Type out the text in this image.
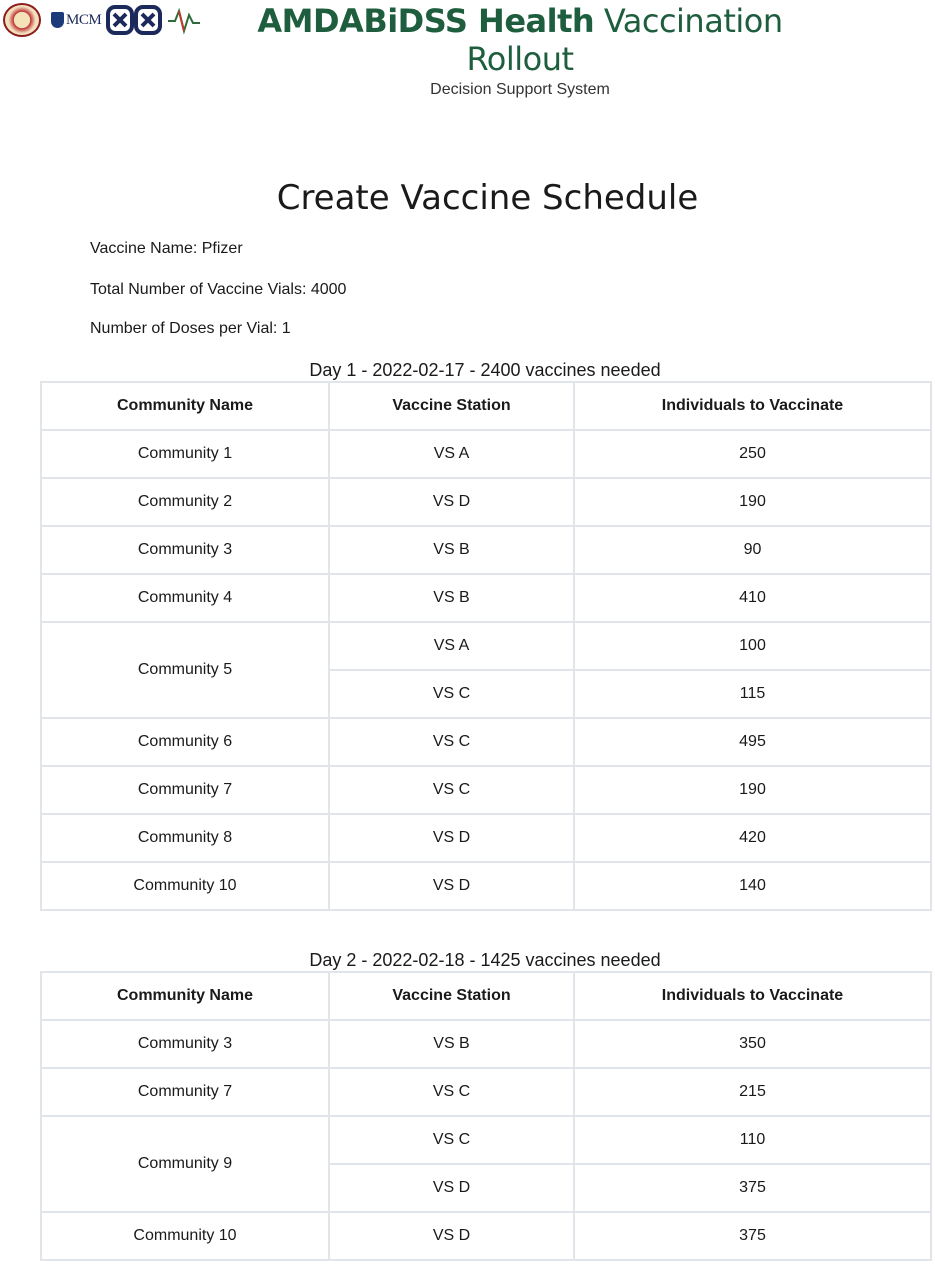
MCM	AMDABiDSS Health Vaccination Rollout
Decision Support System
Create Vaccine Schedule
Vaccine Name: Pfizer
Total Number of Vaccine Vials: 4000
Number of Doses per Vial: 1
Day 1 - 2022-02-17 - 2400 vaccines needed
Community Name	Vaccine Station	Individuals to Vaccinate
Community 1	VS A	250
Community 2	VS D	190
Community 3	VS B	90
Community 4	VS B	410
Community 5	VS A	100
	VS C	115
Community 6	VS C	495
Community 7	VS C	190
Community 8	VS D	420
Community 10	VS D	140
Day 2 - 2022-02-18 - 1425 vaccines needed
Community Name	Vaccine Station	Individuals to Vaccinate
Community 3	VS B	350
Community 7	VS C	215
Community 9	VS C	110
	VS D	375
Community 10	VS D	375
